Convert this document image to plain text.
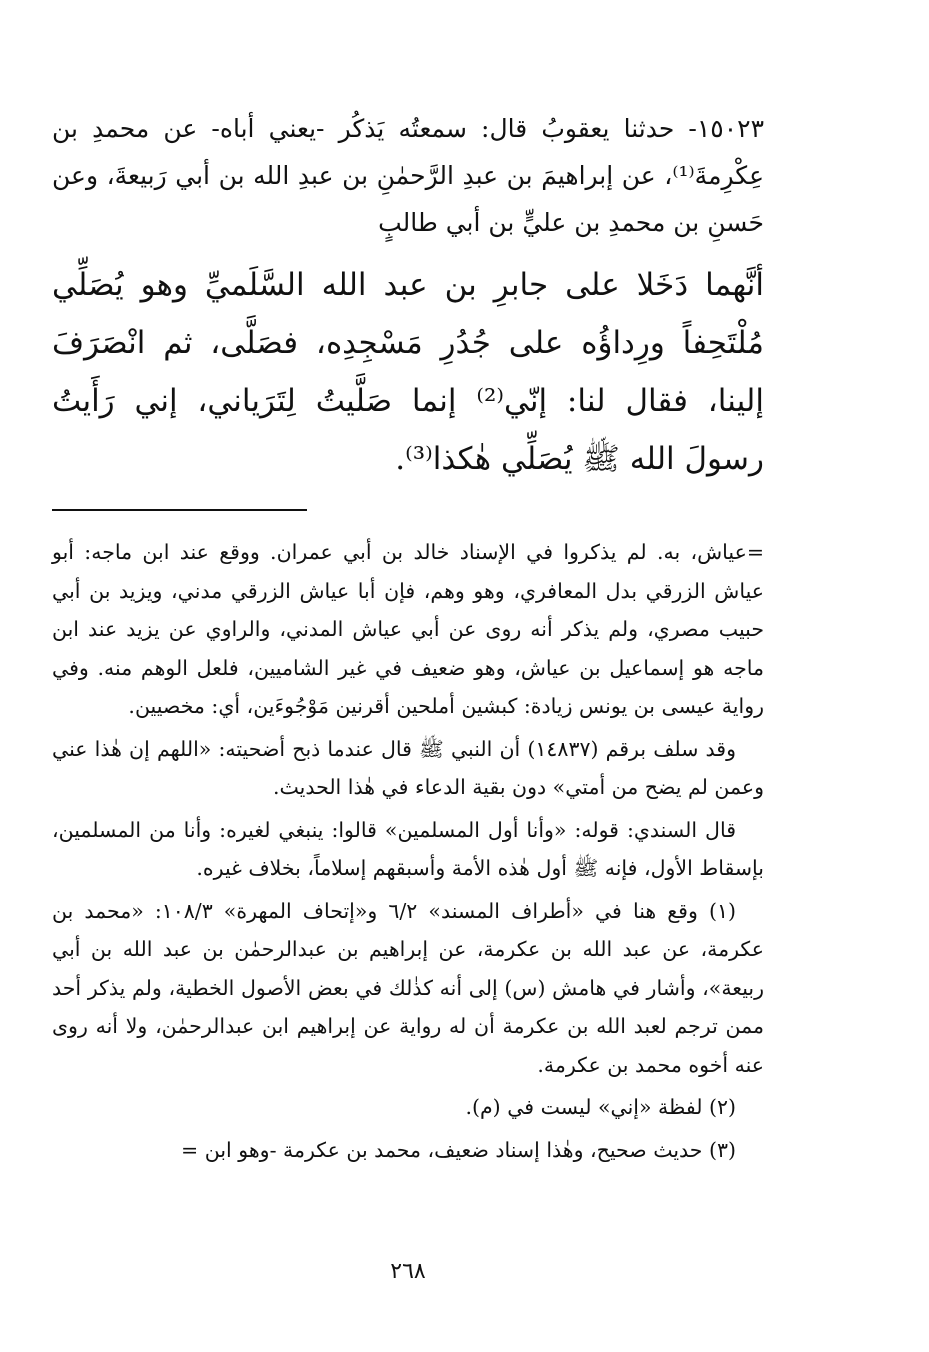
١٥٠٢٣- حدثنا يعقوبُ قال: سمعتُه يَذكُر -يعني أباه- عن محمدِ بن عِكْرِمةَ⁽¹⁾، عن إبراهيمَ بن عبدِ الرَّحمٰنِ بن عبدِ الله بن أبي رَبيعةَ، وعن حَسنِ بن محمدِ بن عليٍّ بن أبي طالبٍ

أنَّهما دَخَلا على جابرِ بن عبد الله السَّلَميِّ وهو يُصَلِّي مُلْتَحِفاً ورِداؤُه على جُدُرِ مَسْجِدِه، فصَلَّى، ثم انْصَرَفَ إلينا، فقال لنا: إنّي⁽²⁾ إنما صَلَّيتُ لِتَرَياني، إني رَأَيتُ رسولَ الله ﷺ يُصَلِّي هٰكذا⁽³⁾.

=عياش، به. لم يذكروا في الإسناد خالد بن أبي عمران. ووقع عند ابن ماجه: أبو عياش الزرقي بدل المعافري، وهو وهم، فإن أبا عياش الزرقي مدني، ويزيد بن أبي حبيب مصري، ولم يذكر أنه روى عن أبي عياش المدني، والراوي عن يزيد عند ابن ماجه هو إسماعيل بن عياش، وهو ضعيف في غير الشاميين، فلعل الوهم منه. وفي رواية عيسى بن يونس زيادة: كبشين أملحين أقرنين مَوْجُوءَين، أي: مخصيين.

وقد سلف برقم (١٤٨٣٧) أن النبي ﷺ قال عندما ذبح أضحيته: «اللهم إن هٰذا عني وعمن لم يضح من أمتي» دون بقية الدعاء في هٰذا الحديث.

قال السندي: قوله: «وأنا أول المسلمين» قالوا: ينبغي لغيره: وأنا من المسلمين، بإسقاط الأول، فإنه ﷺ أول هٰذه الأمة وأسبقهم إسلاماً، بخلاف غيره.

(١) وقع هنا في «أطراف المسند» ٦/٢ و«إتحاف المهرة» ١٠٨/٣: «محمد بن عكرمة، عن عبد الله بن عكرمة، عن إبراهيم بن عبدالرحمٰن بن عبد الله بن أبي ربيعة»، وأشار في هامش (س) إلى أنه كذٰلك في بعض الأصول الخطية، ولم يذكر أحد ممن ترجم لعبد الله بن عكرمة أن له رواية عن إبراهيم ابن عبدالرحمٰن، ولا أنه روى عنه أخوه محمد بن عكرمة.

(٢) لفظة «إني» ليست في (م).

(٣) حديث صحيح، وهٰذا إسناد ضعيف، محمد بن عكرمة -وهو ابن =

٢٦٨
